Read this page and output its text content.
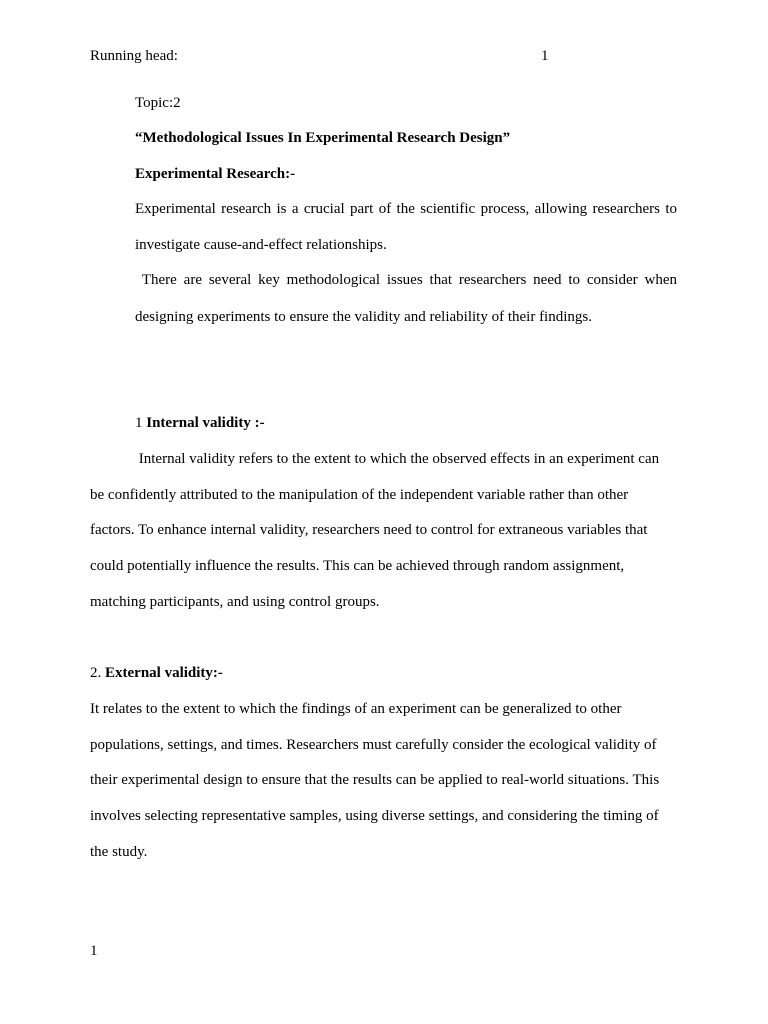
Running head:	1
Topic:2
“Methodological Issues In Experimental Research Design”
Experimental Research:-
Experimental research is a crucial part of the scientific process, allowing researchers to
investigate cause-and-effect relationships.
There are several key methodological issues that researchers need to consider when
designing experiments to ensure the validity and reliability of their findings.
1 Internal validity :-
Internal validity refers to the extent to which the observed effects in an experiment can
be confidently attributed to the manipulation of the independent variable rather than other
factors. To enhance internal validity, researchers need to control for extraneous variables that
could potentially influence the results. This can be achieved through random assignment,
matching participants, and using control groups.
2. External validity:-
It relates to the extent to which the findings of an experiment can be generalized to other
populations, settings, and times. Researchers must carefully consider the ecological validity of
their experimental design to ensure that the results can be applied to real-world situations. This
involves selecting representative samples, using diverse settings, and considering the timing of
the study.
1
